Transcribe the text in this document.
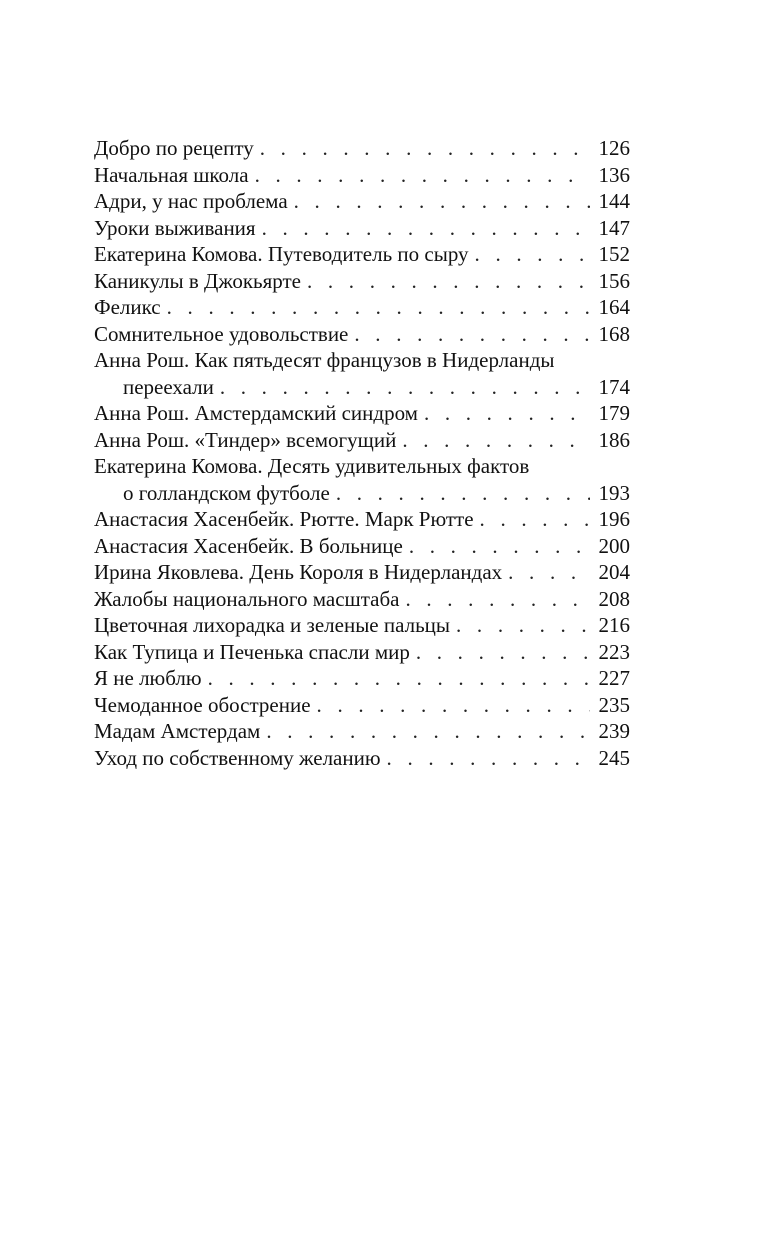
Добро по рецепту . . .	126
Начальная школа . . .	136
Адри, у нас проблема . . .	144
Уроки выживания . . .	147
Екатерина Комова. Путеводитель по сыру . . .	152
Каникулы в Джокьярте . . .	156
Феликс . . .	164
Сомнительное удовольствие . . .	168
Анна Рош. Как пятьдесят французов в Нидерланды
переехали . . .	174
Анна Рош. Амстердамский синдром . . .	179
Анна Рош. «Тиндер» всемогущий . . .	186
Екатерина Комова. Десять удивительных фактов
о голландском футболе . . .	193
Анастасия Хасенбейк. Рютте. Марк Рютте . . .	196
Анастасия Хасенбейк. В больнице . . .	200
Ирина Яковлева. День Короля в Нидерландах . . .	204
Жалобы национального масштаба . . .	208
Цветочная лихорадка и зеленые пальцы . . .	216
Как Тупица и Печенька спасли мир . . .	223
Я не люблю . . .	227
Чемоданное обострение . . .	235
Мадам Амстердам . . .	239
Уход по собственному желанию . . .	245
